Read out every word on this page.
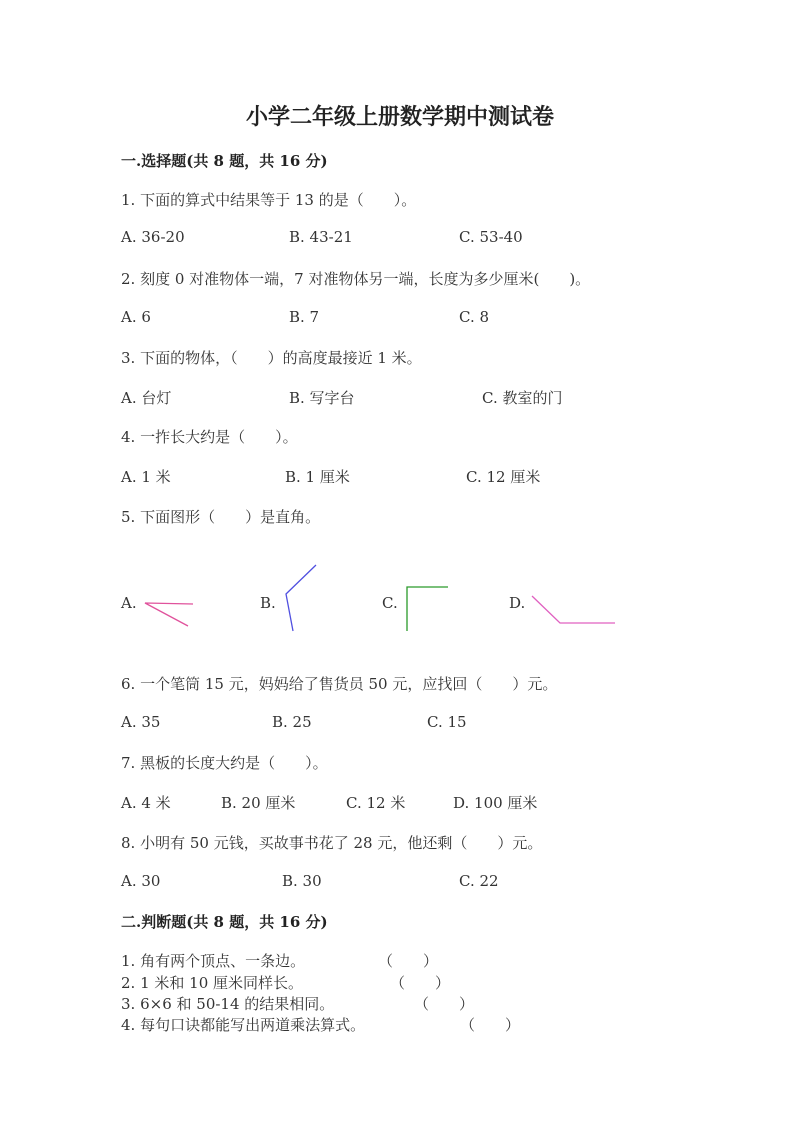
小学二年级上册数学期中测试卷
一.选择题(共 8 题，共 16 分)
1. 下面的算式中结果等于 13 的是（　　）。
A. 36-20	B. 43-21	C. 53-40
2. 刻度 0 对准物体一端，7 对准物体另一端，长度为多少厘米(　　)。
A. 6	B. 7	C. 8
3. 下面的物体，（　　）的高度最接近 1 米。
A. 台灯	B. 写字台	C. 教室的门
4. 一拃长大约是（　　）。
A. 1 米	B. 1 厘米	C. 12 厘米
5. 下面图形（　　）是直角。
A.	B.	C.	D.
6. 一个笔筒 15 元，妈妈给了售货员 50 元，应找回（　　）元。
A. 35	B. 25	C. 15
7. 黑板的长度大约是（　　）。
A. 4 米	B. 20 厘米	C. 12 米	D. 100 厘米
8. 小明有 50 元钱，买故事书花了 28 元，他还剩（　　）元。
A. 30	B. 30	C. 22
二.判断题(共 8 题，共 16 分)
1. 角有两个顶点、一条边。	（　　）
2. 1 米和 10 厘米同样长。	（　　）
3. 6×6 和 50-14 的结果相同。	（　　）
4. 每句口诀都能写出两道乘法算式。	（　　）
